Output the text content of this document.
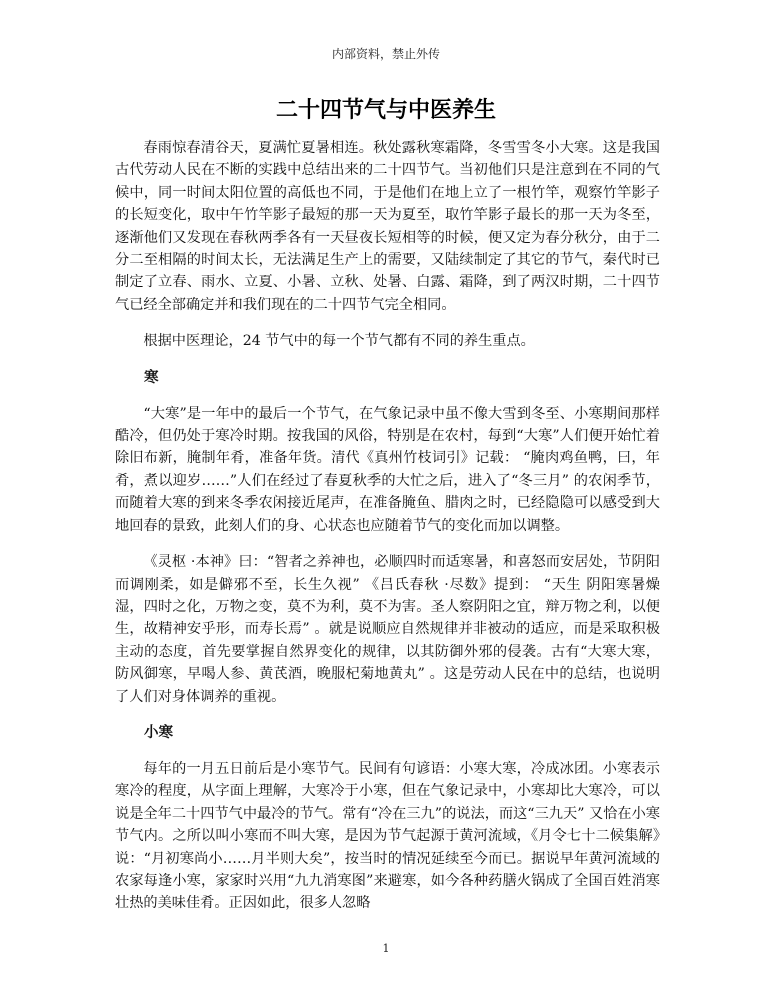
内部资料，禁止外传
二十四节气与中医养生

春雨惊春清谷天，夏满忙夏暑相连。秋处露秋寒霜降，冬雪雪冬小大寒。这是我国古代劳动人民在不断的实践中总结出来的二十四节气。当初他们只是注意到在不同的气候中，同一时间太阳位置的高低也不同，于是他们在地上立了一根竹竿，观察竹竿影子的长短变化，取中午竹竿影子最短的那一天为夏至，取竹竿影子最长的那一天为冬至，逐渐他们又发现在春秋两季各有一天昼夜长短相等的时候，便又定为春分秋分，由于二分二至相隔的时间太长，无法满足生产上的需要，又陆续制定了其它的节气，秦代时已制定了立春、雨水、立夏、小暑、立秋、处暑、白露、霜降，到了两汉时期，二十四节气已经全部确定并和我们现在的二十四节气完全相同。

根据中医理论，24 节气中的每一个节气都有不同的养生重点。

寒

“大寒”是一年中的最后一个节气，在气象记录中虽不像大雪到冬至、小寒期间那样酷冷，但仍处于寒冷时期。按我国的风俗，特别是在农村，每到“大寒”人们便开始忙着除旧布新，腌制年肴，准备年货。清代《真州竹枝词引》记载： “腌肉鸡鱼鸭，曰，年肴，煮以迎岁……”人们在经过了春夏秋季的大忙之后，进入了“冬三月” 的农闲季节，而随着大寒的到来冬季农闲接近尾声，在准备腌鱼、腊肉之时，已经隐隐可以感受到大地回春的景致，此刻人们的身、心状态也应随着节气的变化而加以调整。

《灵枢 ·本神》曰：“智者之养神也，必顺四时而适寒暑，和喜怒而安居处，节阴阳而调刚柔，如是僻邪不至，长生久视” 《吕氏春秋 ·尽数》提到： “天生 阴阳寒暑燥湿，四时之化，万物之变，莫不为利，莫不为害。圣人察阴阳之宜，辩万物之利，以便生，故精神安乎形，而寿长焉” 。就是说顺应自然规律并非被动的适应，而是采取积极主动的态度，首先要掌握自然界变化的规律，以其防御外邪的侵袭。古有“大寒大寒，防风御寒，早喝人参、黄芪酒，晚服杞菊地黄丸” 。这是劳动人民在中的总结，也说明了人们对身体调养的重视。

小寒

每年的一月五日前后是小寒节气。民间有句谚语：小寒大寒，冷成冰团。小寒表示寒冷的程度，从字面上理解，大寒冷于小寒，但在气象记录中，小寒却比大寒冷，可以说是全年二十四节气中最冷的节气。常有“冷在三九”的说法，而这“三九天” 又恰在小寒节气内。之所以叫小寒而不叫大寒，是因为节气起源于黄河流域，《月令七十二候集解》说：“月初寒尚小……月半则大矣”，按当时的情况延续至今而已。据说早年黄河流域的农家每逢小寒，家家时兴用“九九消寒图”来避寒，如今各种药膳火锅成了全国百姓消寒壮热的美味佳肴。正因如此，很多人忽略

1
